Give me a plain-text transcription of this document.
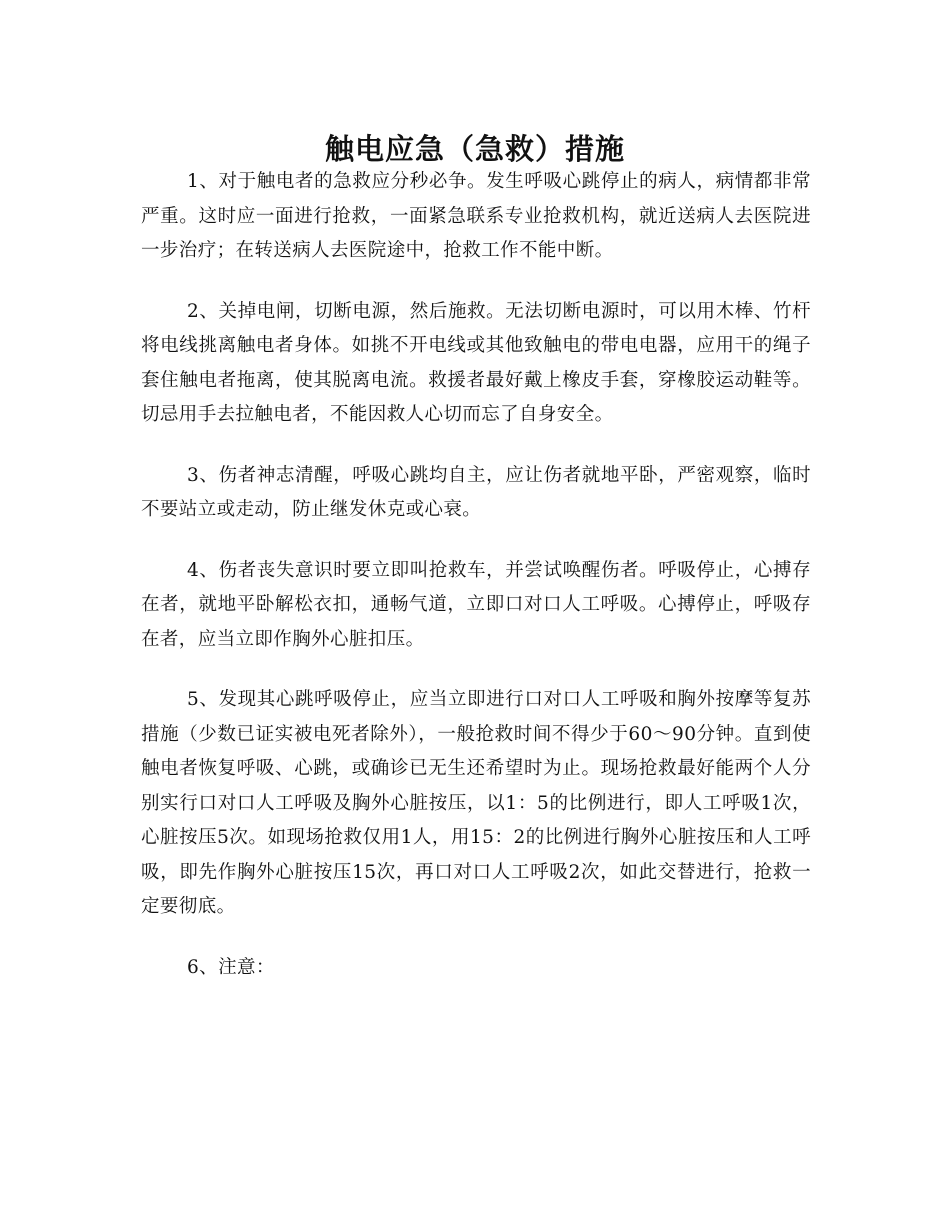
触电应急（急救）措施

1、对于触电者的急救应分秒必争。发生呼吸心跳停止的病人，病情都非常严重。这时应一面进行抢救，一面紧急联系专业抢救机构，就近送病人去医院进一步治疗；在转送病人去医院途中，抢救工作不能中断。

2、关掉电闸，切断电源，然后施救。无法切断电源时，可以用木棒、竹杆将电线挑离触电者身体。如挑不开电线或其他致触电的带电电器，应用干的绳子套住触电者拖离，使其脱离电流。救援者最好戴上橡皮手套，穿橡胶运动鞋等。切忌用手去拉触电者，不能因救人心切而忘了自身安全。

3、伤者神志清醒，呼吸心跳均自主，应让伤者就地平卧，严密观察，临时不要站立或走动，防止继发休克或心衰。

4、伤者丧失意识时要立即叫抢救车，并尝试唤醒伤者。呼吸停止，心搏存在者，就地平卧解松衣扣，通畅气道，立即口对口人工呼吸。心搏停止，呼吸存在者，应当立即作胸外心脏扣压。

5、发现其心跳呼吸停止，应当立即进行口对口人工呼吸和胸外按摩等复苏措施（少数已证实被电死者除外），一般抢救时间不得少于60～90分钟。直到使触电者恢复呼吸、心跳，或确诊已无生还希望时为止。现场抢救最好能两个人分别实行口对口人工呼吸及胸外心脏按压，以1：5的比例进行，即人工呼吸1次，心脏按压5次。如现场抢救仅用1人，用15：2的比例进行胸外心脏按压和人工呼吸，即先作胸外心脏按压15次，再口对口人工呼吸2次，如此交替进行，抢救一定要彻底。

6、注意：
